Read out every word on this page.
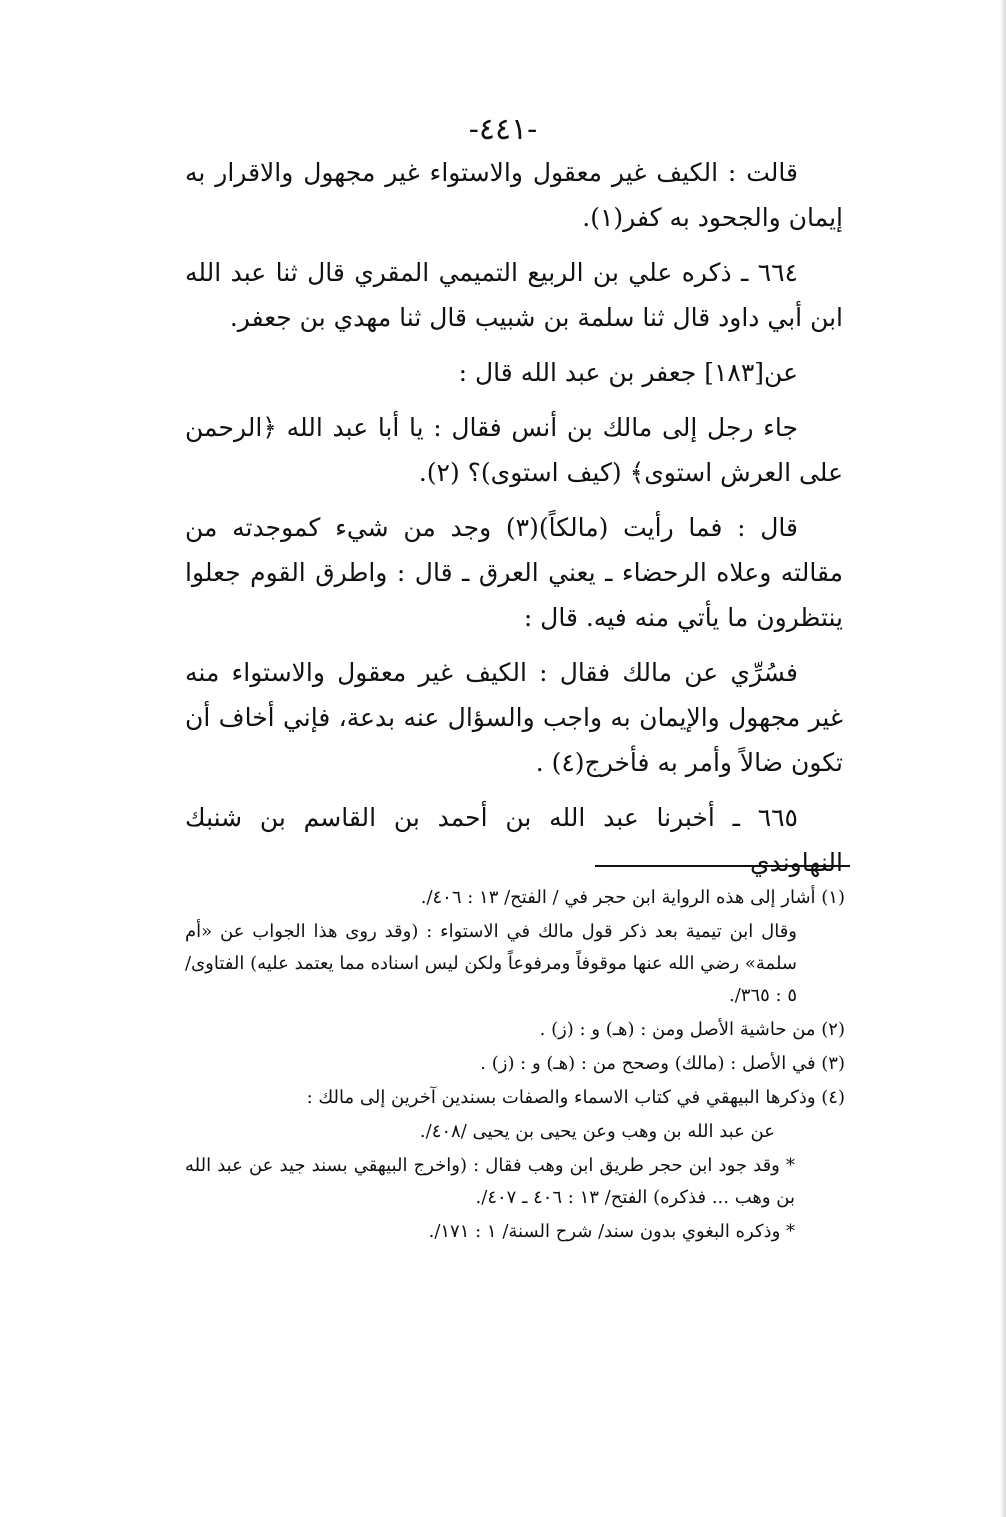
-٤٤١-

قالت : الكيف غير معقول والاستواء غير مجهول والاقرار به إيمان والجحود به كفر(١).

٦٦٤ ـ ذكره علي بن الربيع التميمي المقري قال ثنا عبد الله ابن أبي داود قال ثنا سلمة بن شبيب قال ثنا مهدي بن جعفر.

عن[١٨٣] جعفر بن عبد الله قال :

جاء رجل إلى مالك بن أنس فقال : يا أبا عبد الله ﴿الرحمن على العرش استوى﴾ (كيف استوى)؟ (٢).

قال : فما رأيت (مالكاً)(٣) وجد من شيء كموجدته من مقالته وعلاه الرحضاء ـ يعني العرق ـ قال : واطرق القوم جعلوا ينتظرون ما يأتي منه فيه. قال :

فسُرِّي عن مالك فقال : الكيف غير معقول والاستواء منه غير مجهول والإيمان به واجب والسؤال عنه بدعة، فإني أخاف أن تكون ضالاً وأمر به فأخرج(٤) .

٦٦٥ ـ أخبرنا عبد الله بن أحمد بن القاسم بن شنبك النهاوندي

(١) أشار إلى هذه الرواية ابن حجر في / الفتح/ ١٣ : ٤٠٦/.
وقال ابن تيمية بعد ذكر قول مالك في الاستواء : (وقد روى هذا الجواب عن «أم سلمة» رضي الله عنها موقوفاً ومرفوعاً ولكن ليس اسناده مما يعتمد عليه) الفتاوى/ ٥ : ٣٦٥/.
(٢) من حاشية الأصل ومن : (هـ) و : (ز) .
(٣) في الأصل : (مالك) وصحح من : (هـ) و : (ز) .
(٤) وذكرها البيهقي في كتاب الاسماء والصفات بسندين آخرين إلى مالك :
عن عبد الله بن وهب وعن يحيى بن يحيى /٤٠٨/.
* وقد جود ابن حجر طريق ابن وهب فقال : (واخرج البيهقي بسند جيد عن عبد الله بن وهب ... فذكره) الفتح/ ١٣ : ٤٠٦ ـ ٤٠٧/.
* وذكره البغوي بدون سند/ شرح السنة/ ١ : ١٧١/.
